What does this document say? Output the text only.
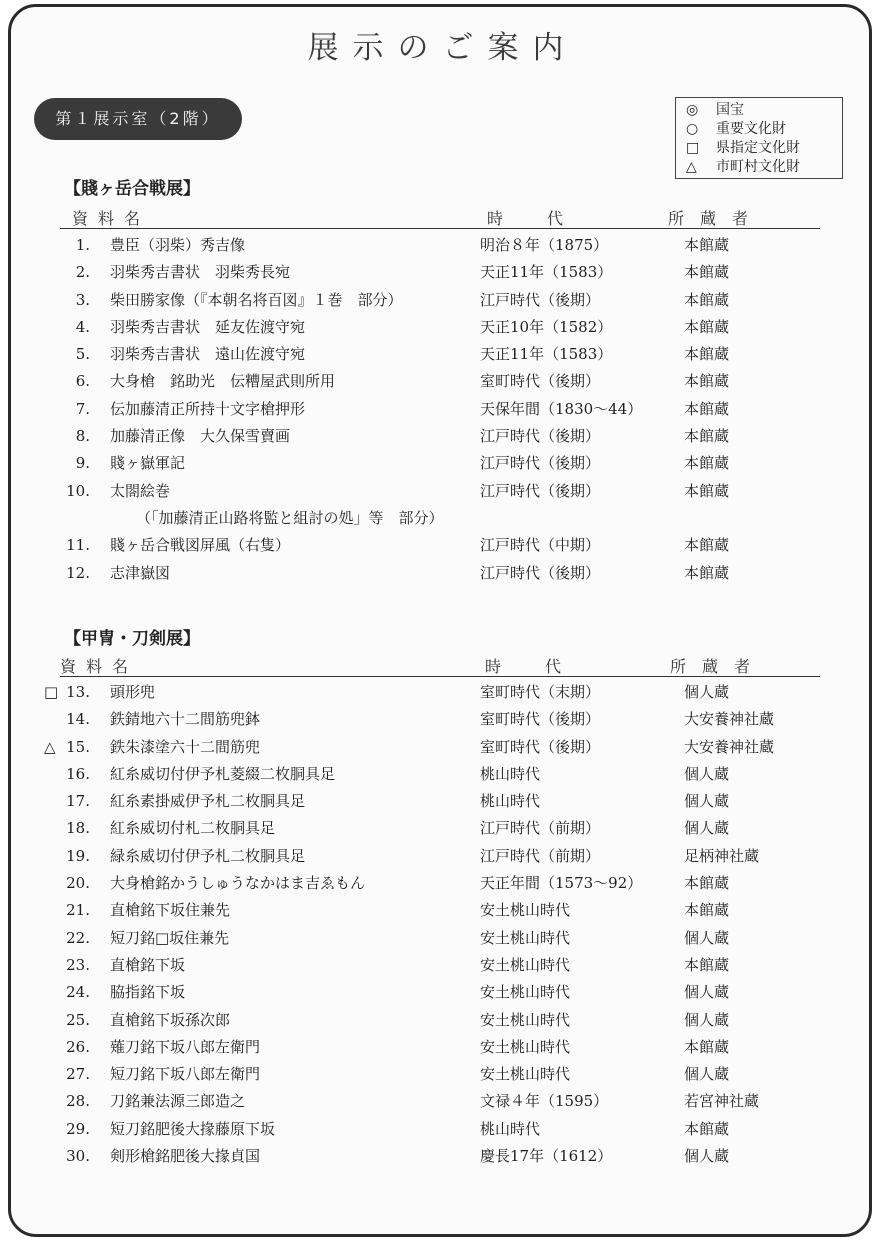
展示のご案内
第１展示室（2階）	◎	国宝
○	重要文化財
□	県指定文化財
△	市町村文化財
【賤ヶ岳合戦展】
資料名	時代	所蔵者
1. 豊臣（羽柴）秀吉像	明治８年（1875）	本館蔵
2. 羽柴秀吉書状　羽柴秀長宛	天正11年（1583）	本館蔵
3. 柴田勝家像（『本朝名将百図』１巻　部分）	江戸時代（後期）	本館蔵
4. 羽柴秀吉書状　延友佐渡守宛	天正10年（1582）	本館蔵
5. 羽柴秀吉書状　遠山佐渡守宛	天正11年（1583）	本館蔵
6. 大身槍　銘助光　伝糟屋武則所用	室町時代（後期）	本館蔵
7. 伝加藤清正所持十文字槍押形	天保年間（1830～44）	本館蔵
8. 加藤清正像　大久保雪賣画	江戸時代（後期）	本館蔵
9. 賤ヶ嶽軍記	江戸時代（後期）	本館蔵
10. 太閤絵巻	江戸時代（後期）	本館蔵
（「加藤清正山路将監と組討の処」等　部分）
11. 賤ヶ岳合戦図屏風（右隻）	江戸時代（中期）	本館蔵
12. 志津嶽図	江戸時代（後期）	本館蔵
【甲冑・刀剣展】
資料名	時代	所蔵者
□ 13. 頭形兜	室町時代（末期）	個人蔵
14. 鉄錆地六十二間筋兜鉢	室町時代（後期）	大安養神社蔵
△ 15. 鉄朱漆塗六十二間筋兜	室町時代（後期）	大安養神社蔵
16. 紅糸威切付伊予札菱綴二枚胴具足	桃山時代	個人蔵
17. 紅糸素掛威伊予札二枚胴具足	桃山時代	個人蔵
18. 紅糸威切付札二枚胴具足	江戸時代（前期）	個人蔵
19. 緑糸威切付伊予札二枚胴具足	江戸時代（前期）	足柄神社蔵
20. 大身槍銘かうしゅうなかはま吉ゑもん	天正年間（1573～92）	本館蔵
21. 直槍銘下坂住兼先	安土桃山時代	本館蔵
22. 短刀銘□坂住兼先	安土桃山時代	個人蔵
23. 直槍銘下坂	安土桃山時代	本館蔵
24. 脇指銘下坂	安土桃山時代	個人蔵
25. 直槍銘下坂孫次郎	安土桃山時代	個人蔵
26. 薙刀銘下坂八郎左衛門	安土桃山時代	本館蔵
27. 短刀銘下坂八郎左衛門	安土桃山時代	個人蔵
28. 刀銘兼法源三郎造之	文禄４年（1595）	若宮神社蔵
29. 短刀銘肥後大掾藤原下坂	桃山時代	本館蔵
30. 剣形槍銘肥後大掾貞国	慶長17年（1612）	個人蔵
